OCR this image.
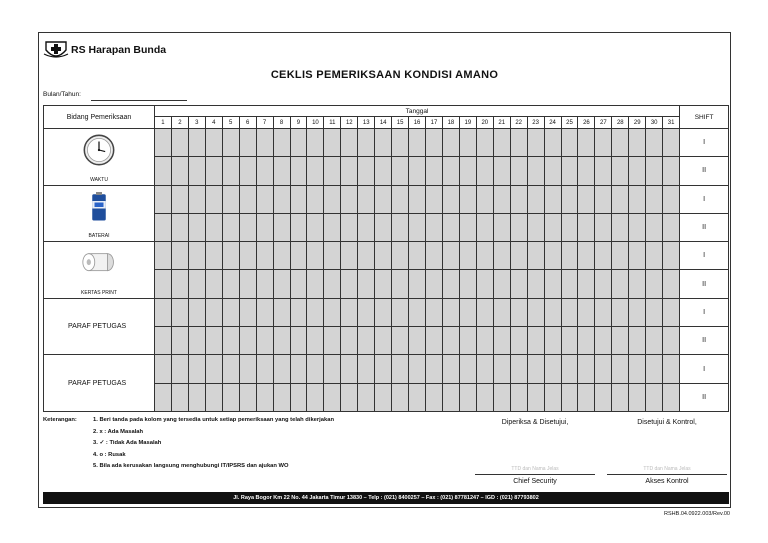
RS Harapan Bunda
CEKLIS PEMERIKSAAN KONDISI AMANO
Bulan/Tahun:
Bidang Pemeriksaan	Tanggal																															SHIFT
	1	2	3	4	5	6	7	8	9	10	11	12	13	14	15	16	17	18	19	20	21	22	23	24	25	26	27	28	29	30	31	

WAKTU																																I
																																II

BATERAI																																I
																																II

KERTAS PRINT																																I
																																II
PARAF PETUGAS																																I
																																II
PARAF PETUGAS																																I
																																II
Keterangan:	1. Beri tanda pada kolom yang tersedia untuk setiap pemeriksaan yang telah dikerjakan
2. x : Ada Masalah
3. ✓ : Tidak Ada Masalah
4. o : Rusak
5. Bila ada kerusakan langsung menghubungi IT/IPSRS dan ajukan WO
Diperiksa & Disetujui,
TTD dan Nama Jelas
Chief Security
Disetujui & Kontrol,
TTD dan Nama Jelas
Akses Kontrol
Jl. Raya Bogor Km 22 No. 44 Jakarta Timur 13830 – Telp : (021) 8400257 – Fax : (021) 87781247 – IGD : (021) 87793802
RSHB.04.0922.003/Rev.00
